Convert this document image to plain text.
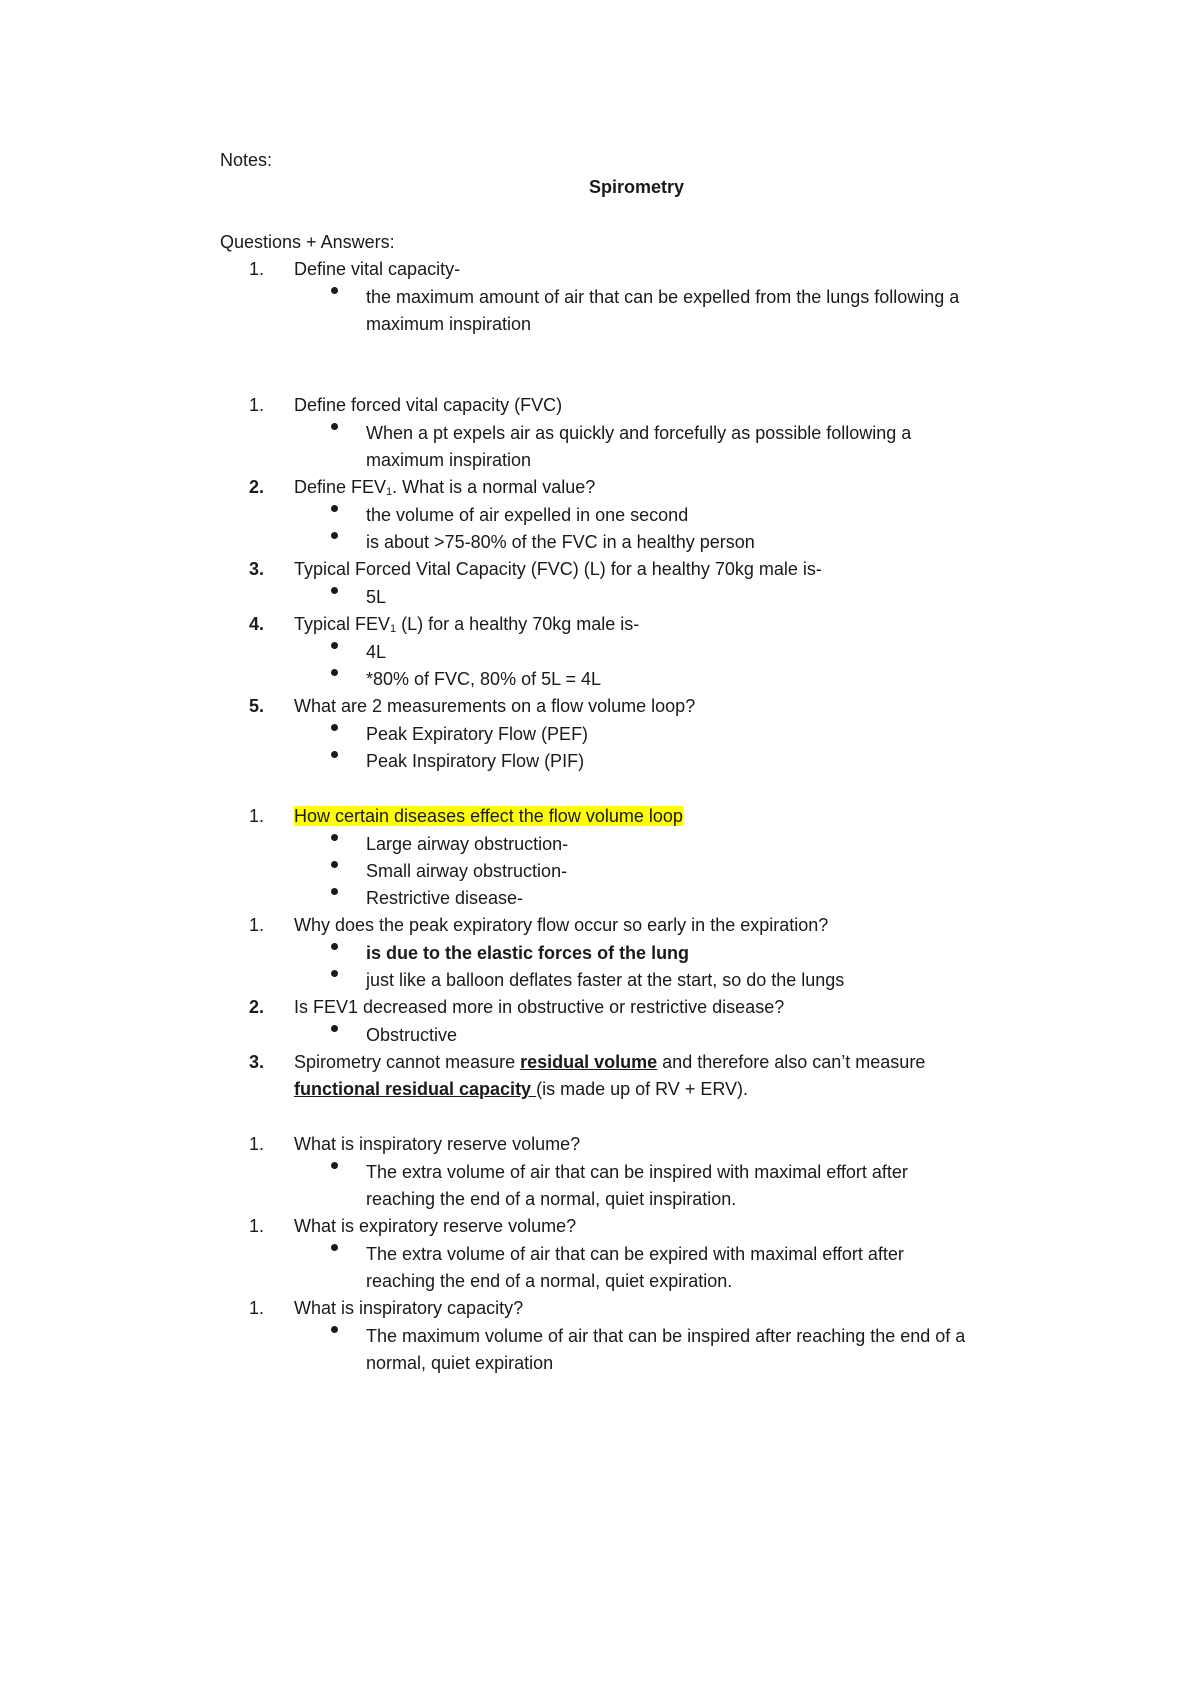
Notes:
Spirometry
Questions + Answers:
1. Define vital capacity-
the maximum amount of air that can be expelled from the lungs following a
maximum inspiration
1. Define forced vital capacity (FVC)
When a pt expels air as quickly and forcefully as possible following a
maximum inspiration
2. Define $FEV_1$. What is a normal value?
the volume of air expelled in one second
is about >75-80% of the FVC in a healthy person
3. Typical Forced Vital Capacity (FVC) (L) for a healthy 70kg male is-
5L
4. Typical $FEV_1$ (L) for a healthy 70kg male is-
4L
*80% of FVC, 80% of 5L = 4L
5. What are 2 measurements on a flow volume loop?
Peak Expiratory Flow (PEF)
Peak Inspiratory Flow (PIF)
1. How certain diseases effect the flow volume loop
Large airway obstruction-
Small airway obstruction-
Restrictive disease-
1. Why does the peak expiratory flow occur so early in the expiration?
is due to the elastic forces of the lung
just like a balloon deflates faster at the start, so do the lungs
2. Is FEV1 decreased more in obstructive or restrictive disease?
Obstructive
3. Spirometry cannot measure residual volume and therefore also can’t measure
functional residual capacity (is made up of RV + ERV).
1. What is inspiratory reserve volume?
The extra volume of air that can be inspired with maximal effort after
reaching the end of a normal, quiet inspiration.
1. What is expiratory reserve volume?
The extra volume of air that can be expired with maximal effort after
reaching the end of a normal, quiet expiration.
1. What is inspiratory capacity?
The maximum volume of air that can be inspired after reaching the end of a
normal, quiet expiration
